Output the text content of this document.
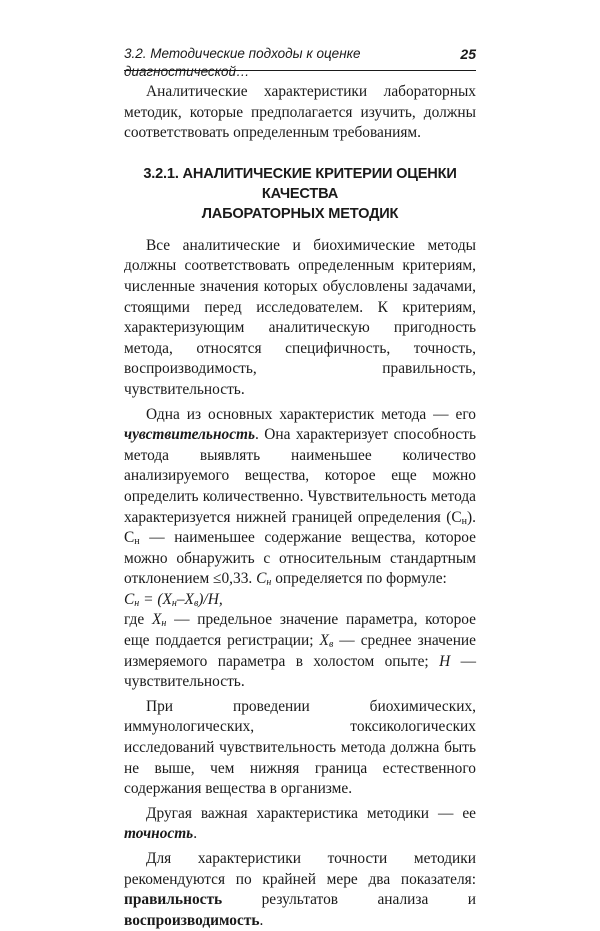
3.2. Методические подходы к оценке диагностической…
25

Аналитические характеристики лабораторных методик, которые предполагается изучить, должны соответствовать определенным требованиям.

3.2.1. АНАЛИТИЧЕСКИЕ КРИТЕРИИ ОЦЕНКИ КАЧЕСТВА
ЛАБОРАТОРНЫХ МЕТОДИК

Все аналитические и биохимические методы должны соответствовать определенным критериям, численные значения которых обусловлены задачами, стоящими перед исследователем. К критериям, характеризующим аналитическую пригодность метода, относятся специфичность, точность, воспроизводимость, правильность, чувствительность.

Одна из основных характеристик метода — его чувствительность. Она характеризует способность метода выявлять наименьшее количество анализируемого вещества, которое еще можно определить количественно. Чувствительность метода характеризуется нижней границей определения $(С_н)$. $С_н$ — наименьшее содержание вещества, которое можно обнаружить с относительным стандартным отклонением ≤0,33. $С_н$ определяется по формуле:

$С_н = (Х_н-Х_в)/Н$,

где $Х_н$ — предельное значение параметра, которое еще поддается регистрации; $Х_в$ — среднее значение измеряемого параметра в холостом опыте; Н — чувствительность.

При проведении биохимических, иммунологических, токсикологических исследований чувствительность метода должна быть не выше, чем нижняя граница естественного содержания вещества в организме.

Другая важная характеристика методики — ее точность.

Для характеристики точности методики рекомендуются по крайней мере два показателя: правильность результатов анализа и воспроизводимость.
